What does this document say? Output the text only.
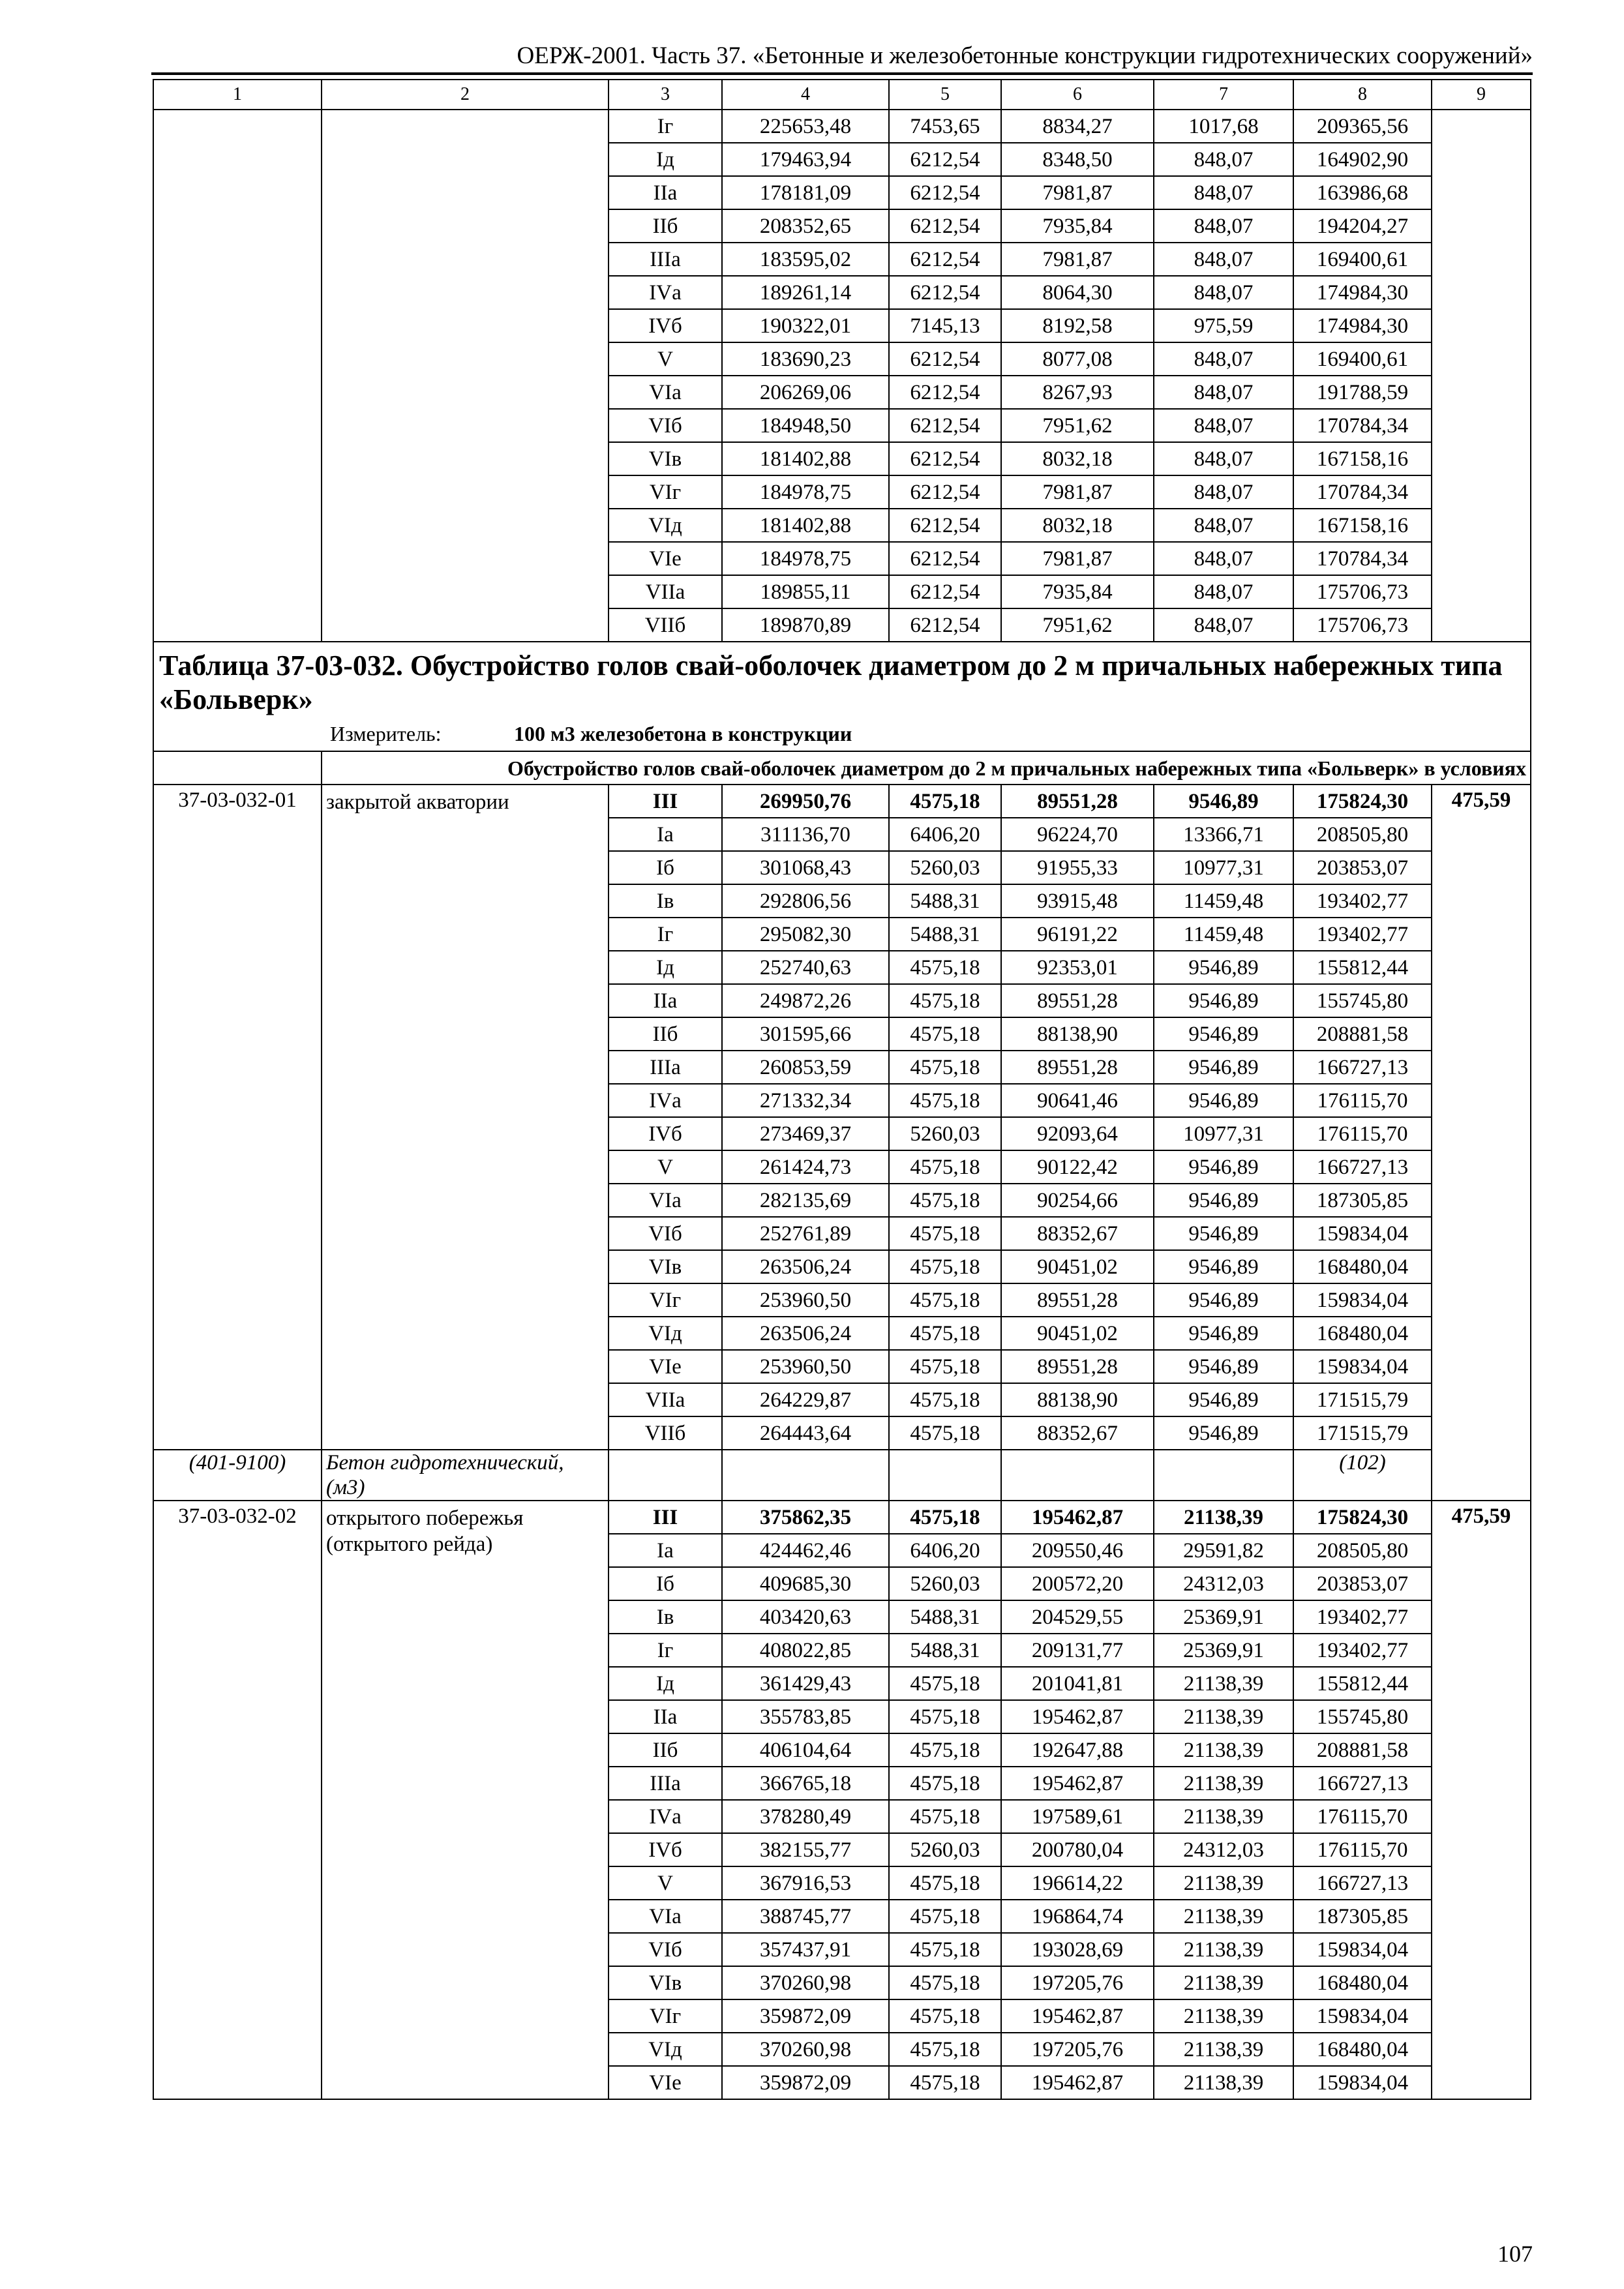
ОЕРЖ-2001. Часть 37. «Бетонные и железобетонные конструкции гидротехнических сооружений»
1	2	3	4	5	6	7	8	9
		Iг	225653,48	7453,65	8834,27	1017,68	209365,56	
		Iд	179463,94	6212,54	8348,50	848,07	164902,90	
		IIа	178181,09	6212,54	7981,87	848,07	163986,68	
		IIб	208352,65	6212,54	7935,84	848,07	194204,27	
		IIIа	183595,02	6212,54	7981,87	848,07	169400,61	
		IVа	189261,14	6212,54	8064,30	848,07	174984,30	
		IVб	190322,01	7145,13	8192,58	975,59	174984,30	
		V	183690,23	6212,54	8077,08	848,07	169400,61	
		VIа	206269,06	6212,54	8267,93	848,07	191788,59	
		VIб	184948,50	6212,54	7951,62	848,07	170784,34	
		VIв	181402,88	6212,54	8032,18	848,07	167158,16	
		VIг	184978,75	6212,54	7981,87	848,07	170784,34	
		VIд	181402,88	6212,54	8032,18	848,07	167158,16	
		VIе	184978,75	6212,54	7981,87	848,07	170784,34	
		VIIа	189855,11	6212,54	7935,84	848,07	175706,73	
		VIIб	189870,89	6212,54	7951,62	848,07	175706,73	

Таблица 37-03-032. Обустройство голов свай-оболочек диаметром до 2 м причальных набережных типа «Больверк»
Измеритель: 100 м3 железобетона в конструкции								

	Обустройство голов свай-оболочек диаметром до 2 м причальных набережных типа «Больверк» в условиях							
37-03-032-01	закрытой акватории	III	269950,76	4575,18	89551,28	9546,89	175824,30	475,59
		Iа	311136,70	6406,20	96224,70	13366,71	208505,80	
		Iб	301068,43	5260,03	91955,33	10977,31	203853,07	
		Iв	292806,56	5488,31	93915,48	11459,48	193402,77	
		Iг	295082,30	5488,31	96191,22	11459,48	193402,77	
		Iд	252740,63	4575,18	92353,01	9546,89	155812,44	
		IIа	249872,26	4575,18	89551,28	9546,89	155745,80	
		IIб	301595,66	4575,18	88138,90	9546,89	208881,58	
		IIIа	260853,59	4575,18	89551,28	9546,89	166727,13	
		IVа	271332,34	4575,18	90641,46	9546,89	176115,70	
		IVб	273469,37	5260,03	92093,64	10977,31	176115,70	
		V	261424,73	4575,18	90122,42	9546,89	166727,13	
		VIа	282135,69	4575,18	90254,66	9546,89	187305,85	
		VIб	252761,89	4575,18	88352,67	9546,89	159834,04	
		VIв	263506,24	4575,18	90451,02	9546,89	168480,04	
		VIг	253960,50	4575,18	89551,28	9546,89	159834,04	
		VIд	263506,24	4575,18	90451,02	9546,89	168480,04	
		VIе	253960,50	4575,18	89551,28	9546,89	159834,04	
		VIIа	264229,87	4575,18	88138,90	9546,89	171515,79	
		VIIб	264443,64	4575,18	88352,67	9546,89	171515,79	
(401-9100)	Бетон гидротехнический, (м3)						(102)	
37-03-032-02	открытого побережья (открытого рейда)	III	375862,35	4575,18	195462,87	21138,39	175824,30	475,59
		Iа	424462,46	6406,20	209550,46	29591,82	208505,80	
		Iб	409685,30	5260,03	200572,20	24312,03	203853,07	
		Iв	403420,63	5488,31	204529,55	25369,91	193402,77	
		Iг	408022,85	5488,31	209131,77	25369,91	193402,77	
		Iд	361429,43	4575,18	201041,81	21138,39	155812,44	
		IIа	355783,85	4575,18	195462,87	21138,39	155745,80	
		IIб	406104,64	4575,18	192647,88	21138,39	208881,58	
		IIIа	366765,18	4575,18	195462,87	21138,39	166727,13	
		IVа	378280,49	4575,18	197589,61	21138,39	176115,70	
		IVб	382155,77	5260,03	200780,04	24312,03	176115,70	
		V	367916,53	4575,18	196614,22	21138,39	166727,13	
		VIа	388745,77	4575,18	196864,74	21138,39	187305,85	
		VIб	357437,91	4575,18	193028,69	21138,39	159834,04	
		VIв	370260,98	4575,18	197205,76	21138,39	168480,04	
		VIг	359872,09	4575,18	195462,87	21138,39	159834,04	
		VIд	370260,98	4575,18	197205,76	21138,39	168480,04	
		VIе	359872,09	4575,18	195462,87	21138,39	159834,04	
107
